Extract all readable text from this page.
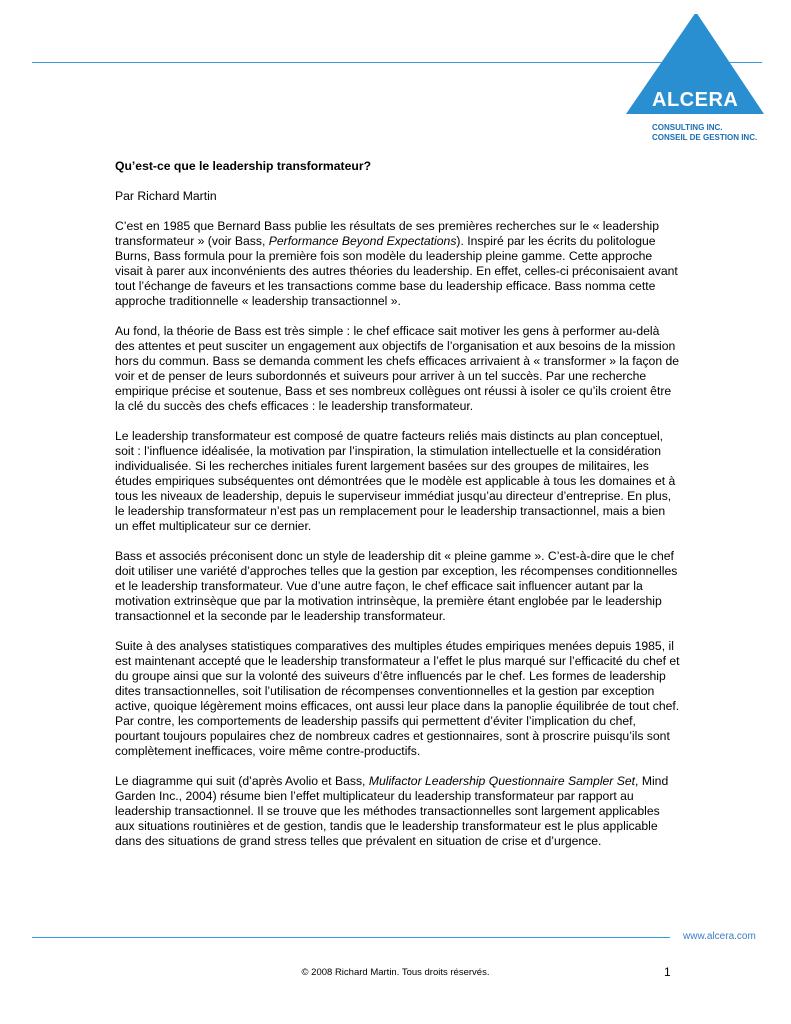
ALCERA
CONSULTING INC.
CONSEIL DE GESTION INC.

Qu’est-ce que le leadership transformateur?

Par Richard Martin

C’est en 1985 que Bernard Bass publie les résultats de ses premières recherches sur le « leadership transformateur » (voir Bass, Performance Beyond Expectations). Inspiré par les écrits du politologue Burns, Bass formula pour la première fois son modèle du leadership pleine gamme. Cette approche visait à parer aux inconvénients des autres théories du leadership. En effet, celles-ci préconisaient avant tout l’échange de faveurs et les transactions comme base du leadership efficace. Bass nomma cette approche traditionnelle « leadership transactionnel ».

Au fond, la théorie de Bass est très simple : le chef efficace sait motiver les gens à performer au-delà des attentes et peut susciter un engagement aux objectifs de l’organisation et aux besoins de la mission hors du commun. Bass se demanda comment les chefs efficaces arrivaient à « transformer » la façon de voir et de penser de leurs subordonnés et suiveurs pour arriver à un tel succès. Par une recherche empirique précise et soutenue, Bass et ses nombreux collègues ont réussi à isoler ce qu’ils croient être la clé du succès des chefs efficaces : le leadership transformateur.

Le leadership transformateur est composé de quatre facteurs reliés mais distincts au plan conceptuel, soit : l’influence idéalisée, la motivation par l’inspiration, la stimulation intellectuelle et la considération individualisée. Si les recherches initiales furent largement basées sur des groupes de militaires, les études empiriques subséquentes ont démontrées que le modèle est applicable à tous les domaines et à tous les niveaux de leadership, depuis le superviseur immédiat jusqu’au directeur d’entreprise. En plus, le leadership transformateur n’est pas un remplacement pour le leadership transactionnel, mais a bien un effet multiplicateur sur ce dernier.

Bass et associés préconisent donc un style de leadership dit « pleine gamme ». C’est-à-dire que le chef doit utiliser une variété d’approches telles que la gestion par exception, les récompenses conditionnelles et le leadership transformateur. Vue d’une autre façon, le chef efficace sait influencer autant par la motivation extrinsèque que par la motivation intrinsèque, la première étant englobée par le leadership transactionnel et la seconde par le leadership transformateur.

Suite à des analyses statistiques comparatives des multiples études empiriques menées depuis 1985, il est maintenant accepté que le leadership transformateur a l’effet le plus marqué sur l’efficacité du chef et du groupe ainsi que sur la volonté des suiveurs d’être influencés par le chef. Les formes de leadership dites transactionnelles, soit l’utilisation de récompenses conventionnelles et la gestion par exception active, quoique légèrement moins efficaces, ont aussi leur place dans la panoplie équilibrée de tout chef. Par contre, les comportements de leadership passifs qui permettent d’éviter l’implication du chef, pourtant toujours populaires chez de nombreux cadres et gestionnaires, sont à proscrire puisqu’ils sont complètement inefficaces, voire même contre-productifs.

Le diagramme qui suit (d’après Avolio et Bass, Mulifactor Leadership Questionnaire Sampler Set, Mind Garden Inc., 2004) résume bien l’effet multiplicateur du leadership transformateur par rapport au leadership transactionnel. Il se trouve que les méthodes transactionnelles sont largement applicables aux situations routinières et de gestion, tandis que le leadership transformateur est le plus applicable dans des situations de grand stress telles que prévalent en situation de crise et d’urgence.

www.alcera.com
© 2008 Richard Martin. Tous droits réservés.	1
